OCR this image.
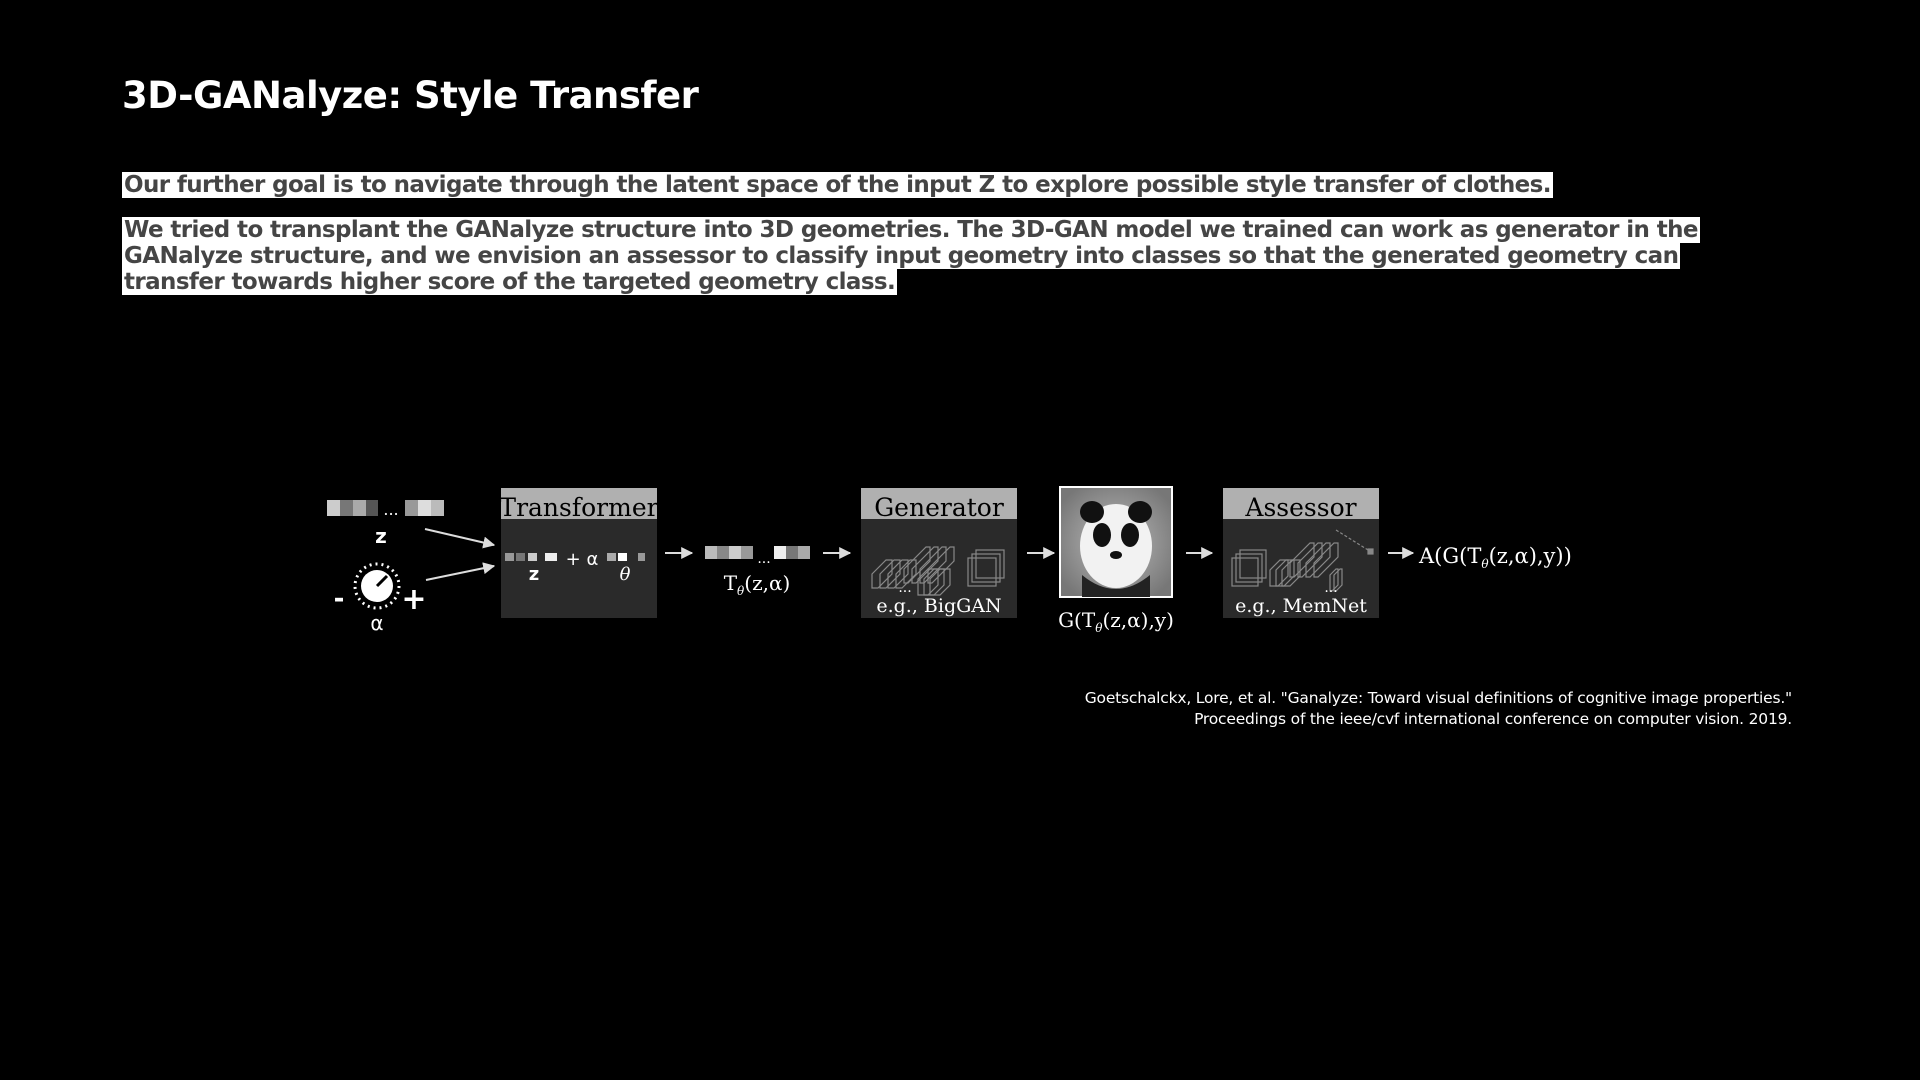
3D-GANalyze: Style Transfer
Our further goal is to navigate through the latent space of the input Z to explore possible style transfer of clothes.
We tried to transplant the GANalyze structure into 3D geometries. The 3D-GAN model we trained can work as generator in the GANalyze structure, and we envision an assessor to classify input geometry into classes so that the generated geometry can transfer towards higher score of the targeted geometry class.
...
z
- +
α
Transformer
z
+ α
θ
...
$T_\theta(z,\alpha)$
Generator
...
e.g., BigGAN
$G(T_\theta(z,\alpha),y)$
Assessor
...
e.g., MemNet
$A(G(T_\theta(z,\alpha),y))$
Goetschalckx, Lore, et al. "Ganalyze: Toward visual definitions of cognitive image properties."
Proceedings of the ieee/cvf international conference on computer vision. 2019.
